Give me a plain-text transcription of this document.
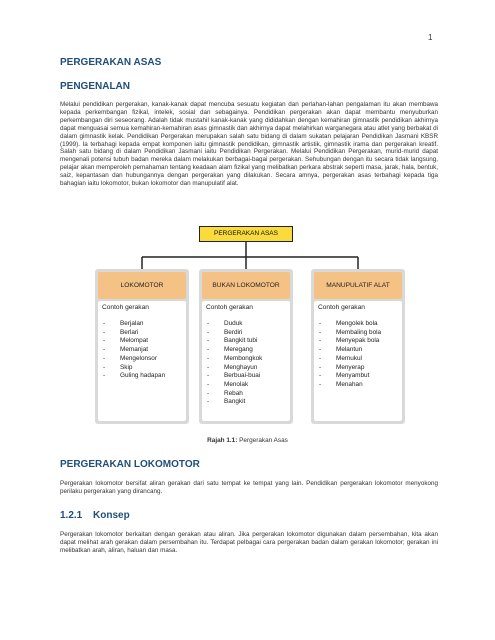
1
PERGERAKAN ASAS
PENGENALAN
Melalui pendidikan pergerakan, kanak-kanak dapat mencuba sesuatu kegiatan dan perlahan-lahan pengalaman itu akan membawa kepada perkembangan fizikal, intelek, sosial dan sebagainya. Pendidikan pergerakan akan dapat membantu menyuburkan perkembangan diri seseorang. Adalah tidak mustahil kanak-kanak yang dididahkan dengan kemahiran gimnastik pendidikan akhirnya dapat menguasai semua kemahiran-kemahiran asas gimnastik dan akhirnya dapat melahirkan warganegara atau atlet yang berbakat di dalam gimnastik kelak. Pendidikan Pergerakan merupakan salah satu bidang di dalam sukatan pelajaran Pendidikan Jasmani KBSR (1999). Ia terbahagi kepada empat komponen iaitu gimnastik pendidikan, gimnastik artistik, gimnastik irama dan pergerakan kreatif. Salah satu bidang di dalam Pendidikan Jasmani iaitu Pendidikan Pergerakan. Melalui Pendidikan Pergerakan, murid-murid dapat mengenali potensi tubuh badan mereka dalam melakukan berbagai-bagai pergerakan. Sehubungan dengan itu secara tidak langsung, pelajar akan memperoleh pemahaman tentang keadaan alam fizikal yang melibatkan perkara abstrak seperti masa, jarak, hala, bentuk, saiz, kepantasan dan hubungannya dengan pergerakan yang dilakukan. Secara amnya, pergerakan asas terbahagi kepada tiga bahagian iaitu lokomotor, bukan lokomotor dan manupulatif alat.
PERGERAKAN ASAS
LOKOMOTOR
Contoh gerakan
- Berjalan
- Berlari
- Melompat
- Memanjat
- Mengelonsor
- Skip
- Guling hadapan
BUKAN LOKOMOTOR
Contoh gerakan
- Duduk
- Berdiri
- Bangkit tubi
- Meregang
- Membongkok
- Menghayun
- Berbuai-buai
- Menolak
- Rebah
- Bangkit
MANUPULATIF ALAT
Contoh gerakan
- Mengolek bola
- Membaling bola
- Menyepak bola
- Melantun
- Memukul
- Menyerap
- Menyambut
- Menahan
Rajah 1.1: Pergerakan Asas
PERGERAKAN LOKOMOTOR
Pergerakan lokomotor bersifat aliran gerakan dari satu tempat ke tempat yang lain. Pendidikan pergerakan lokomotor menyokong perilaku pergerakan yang dirancang.
1.2.1 Konsep
Pergerakan lokomotor berkaitan dengan gerakan atau aliran. Jika pergerakan lokomotor digunakan dalam persembahan, kita akan dapat melihat arah gerakan dalam persembahan itu. Terdapat pelbagai cara pergerakan badan dalam gerakan lokomotor; gerakan ini melibatkan arah, aliran, haluan dan masa.
